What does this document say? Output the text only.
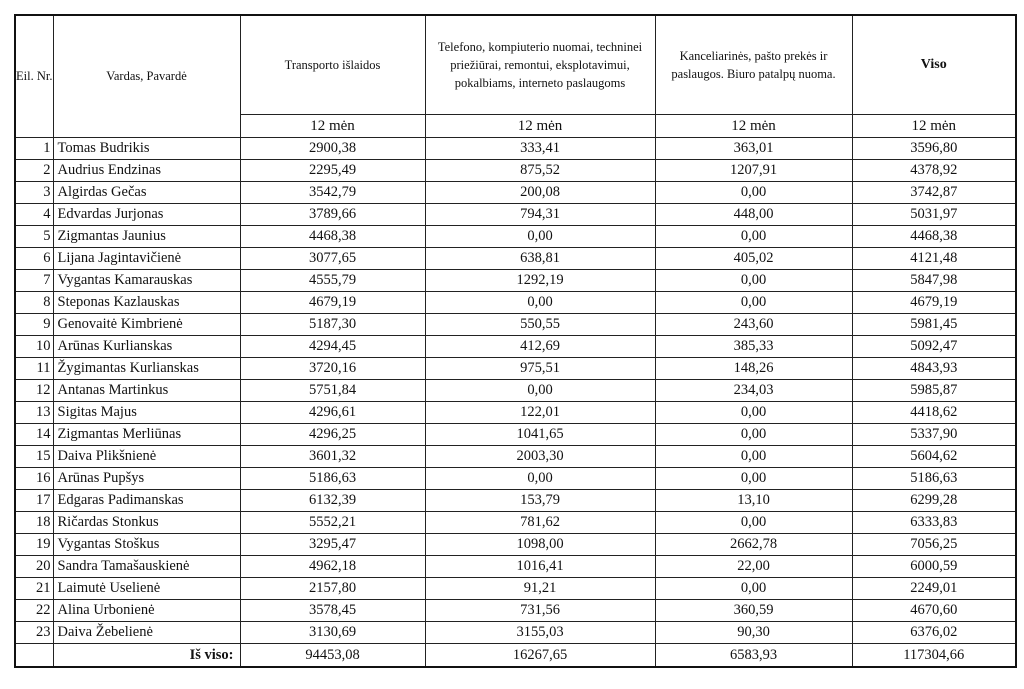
Eil. Nr.	Vardas, Pavardė	Transporto išlaidos	Telefono, kompiuterio nuomai, techninei priežiūrai, remontui, eksplotavimui, pokalbiams, interneto paslaugoms	Kanceliarinės, pašto prekės ir paslaugos. Biuro patalpų nuoma.	Viso
		12 mėn	12 mėn	12 mėn	12 mėn
1	Tomas Budrikis	2900,38	333,41	363,01	3596,80
2	Audrius Endzinas	2295,49	875,52	1207,91	4378,92
3	Algirdas Gečas	3542,79	200,08	0,00	3742,87
4	Edvardas Jurjonas	3789,66	794,31	448,00	5031,97
5	Zigmantas Jaunius	4468,38	0,00	0,00	4468,38
6	Lijana Jagintavičienė	3077,65	638,81	405,02	4121,48
7	Vygantas Kamarauskas	4555,79	1292,19	0,00	5847,98
8	Steponas Kazlauskas	4679,19	0,00	0,00	4679,19
9	Genovaitė Kimbrienė	5187,30	550,55	243,60	5981,45
10	Arūnas Kurlianskas	4294,45	412,69	385,33	5092,47
11	Žygimantas Kurlianskas	3720,16	975,51	148,26	4843,93
12	Antanas Martinkus	5751,84	0,00	234,03	5985,87
13	Sigitas Majus	4296,61	122,01	0,00	4418,62
14	Zigmantas Merliūnas	4296,25	1041,65	0,00	5337,90
15	Daiva Plikšnienė	3601,32	2003,30	0,00	5604,62
16	Arūnas Pupšys	5186,63	0,00	0,00	5186,63
17	Edgaras Padimanskas	6132,39	153,79	13,10	6299,28
18	Ričardas Stonkus	5552,21	781,62	0,00	6333,83
19	Vygantas Stoškus	3295,47	1098,00	2662,78	7056,25
20	Sandra Tamašauskienė	4962,18	1016,41	22,00	6000,59
21	Laimutė Uselienė	2157,80	91,21	0,00	2249,01
22	Alina Urbonienė	3578,45	731,56	360,59	4670,60
23	Daiva Žebelienė	3130,69	3155,03	90,30	6376,02
	Iš viso:	94453,08	16267,65	6583,93	117304,66
